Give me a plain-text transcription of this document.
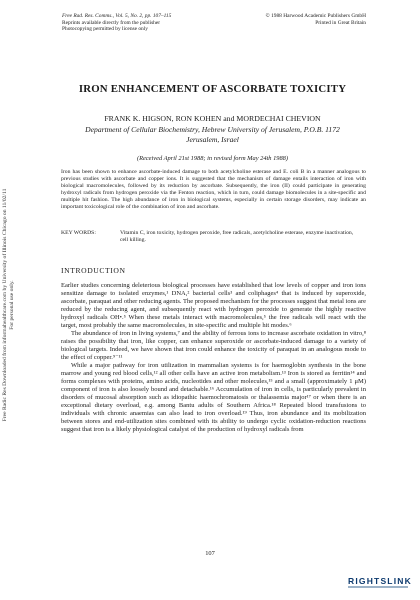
Free Radic Res Downloaded from informahealthcare.com by University of Illinois Chicago on 11/02/11 For personal use only.
Free Rad. Res. Comms., Vol. 5, No. 2, pp. 107–115
Reprints available directly from the publisher
Photocopying permitted by license only
© 1988 Harwood Academic Publishers GmbH
Printed in Great Britain
IRON ENHANCEMENT OF ASCORBATE TOXICITY
FRANK K. HIGSON, RON KOHEN and MORDECHAI CHEVION
Department of Cellular Biochemistry, Hebrew University of Jerusalem, P.O.B. 1172
Jerusalem, Israel
(Received April 21st 1988; in revised form May 24th 1988)
Iron has been shown to enhance ascorbate-induced damage to both acetylcholine esterase and E. coli B in a manner analogous to previous studies with ascorbate and copper ions. It is suggested that the mechanism of damage entails interaction of iron with biological macromolecules, followed by its reduction by ascorbate. Subsequently, the iron (II) could participate in generating hydroxyl radicals from hydrogen peroxide via the Fenton reaction, which in turn, could damage biomolecules in a site-specific and multiple hit fashion. The high abundance of iron in biological systems, especially in certain storage disorders, may indicate an important toxicological role of the combination of iron and ascorbate.
KEY WORDS:	Vitamin C, iron toxicity, hydrogen peroxide, free radicals, acetylcholine esterase, enzyme inactivation, cell killing.
INTRODUCTION

Earlier studies concerning deleterious biological processes have established that low levels of copper and iron ions sensitize damage to isolated enzymes,¹ DNA,² bacterial cells³ and coliphages⁴ that is induced by superoxide, ascorbate, paraquat and other reducing agents. The proposed mechanism for the processes suggest that metal ions are reduced by the reducing agent, and subsequently react with hydrogen peroxide to generate the highly reactive hydroxyl radicals OH•.⁵ When these metals interact with macromolecules,⁵ the free radicals will react with the target, most probably the same macromolecules, in site-specific and multiple hit modes.⁶

The abundance of iron in living systems,⁷ and the ability of ferrous ions to increase ascorbate oxidation in vitro,⁸ raises the possibility that iron, like copper, can enhance superoxide or ascorbate-induced damage to a variety of biological targets. Indeed, we have shown that iron could enhance the toxicity of paraquat in an analogous mode to the effect of copper.⁹⁻¹¹

While a major pathway for iron utilization in mammalian systems is for haemoglobin synthesis in the bone marrow and young red blood cells,¹² all other cells have an active iron metabolism.¹³ Iron is stored as ferritin¹⁴ and forms complexes with proteins, amino acids, nucleotides and other molecules,¹⁵ and a small (approximately 1 μM) component of iron is also loosely bound and detachable.¹⁶ Accumulation of iron in cells, is particularly prevalent in disorders of mucosal absorption such as idiopathic haemochromatosis or thalassemia major¹⁷ or when there is an exceptional dietary overload, e.g. among Bantu adults of Southern Africa.¹⁸ Repeated blood transfusions to individuals with chronic anaemias can also lead to iron overload.¹⁹ Thus, iron abundance and its mobilization between stores and end-utilization sites combined with its ability to undergo cyclic oxidation-reduction reactions suggest that iron is a likely physiological catalyst of the production of hydroxyl radicals from

107
RIGHTSLINK
